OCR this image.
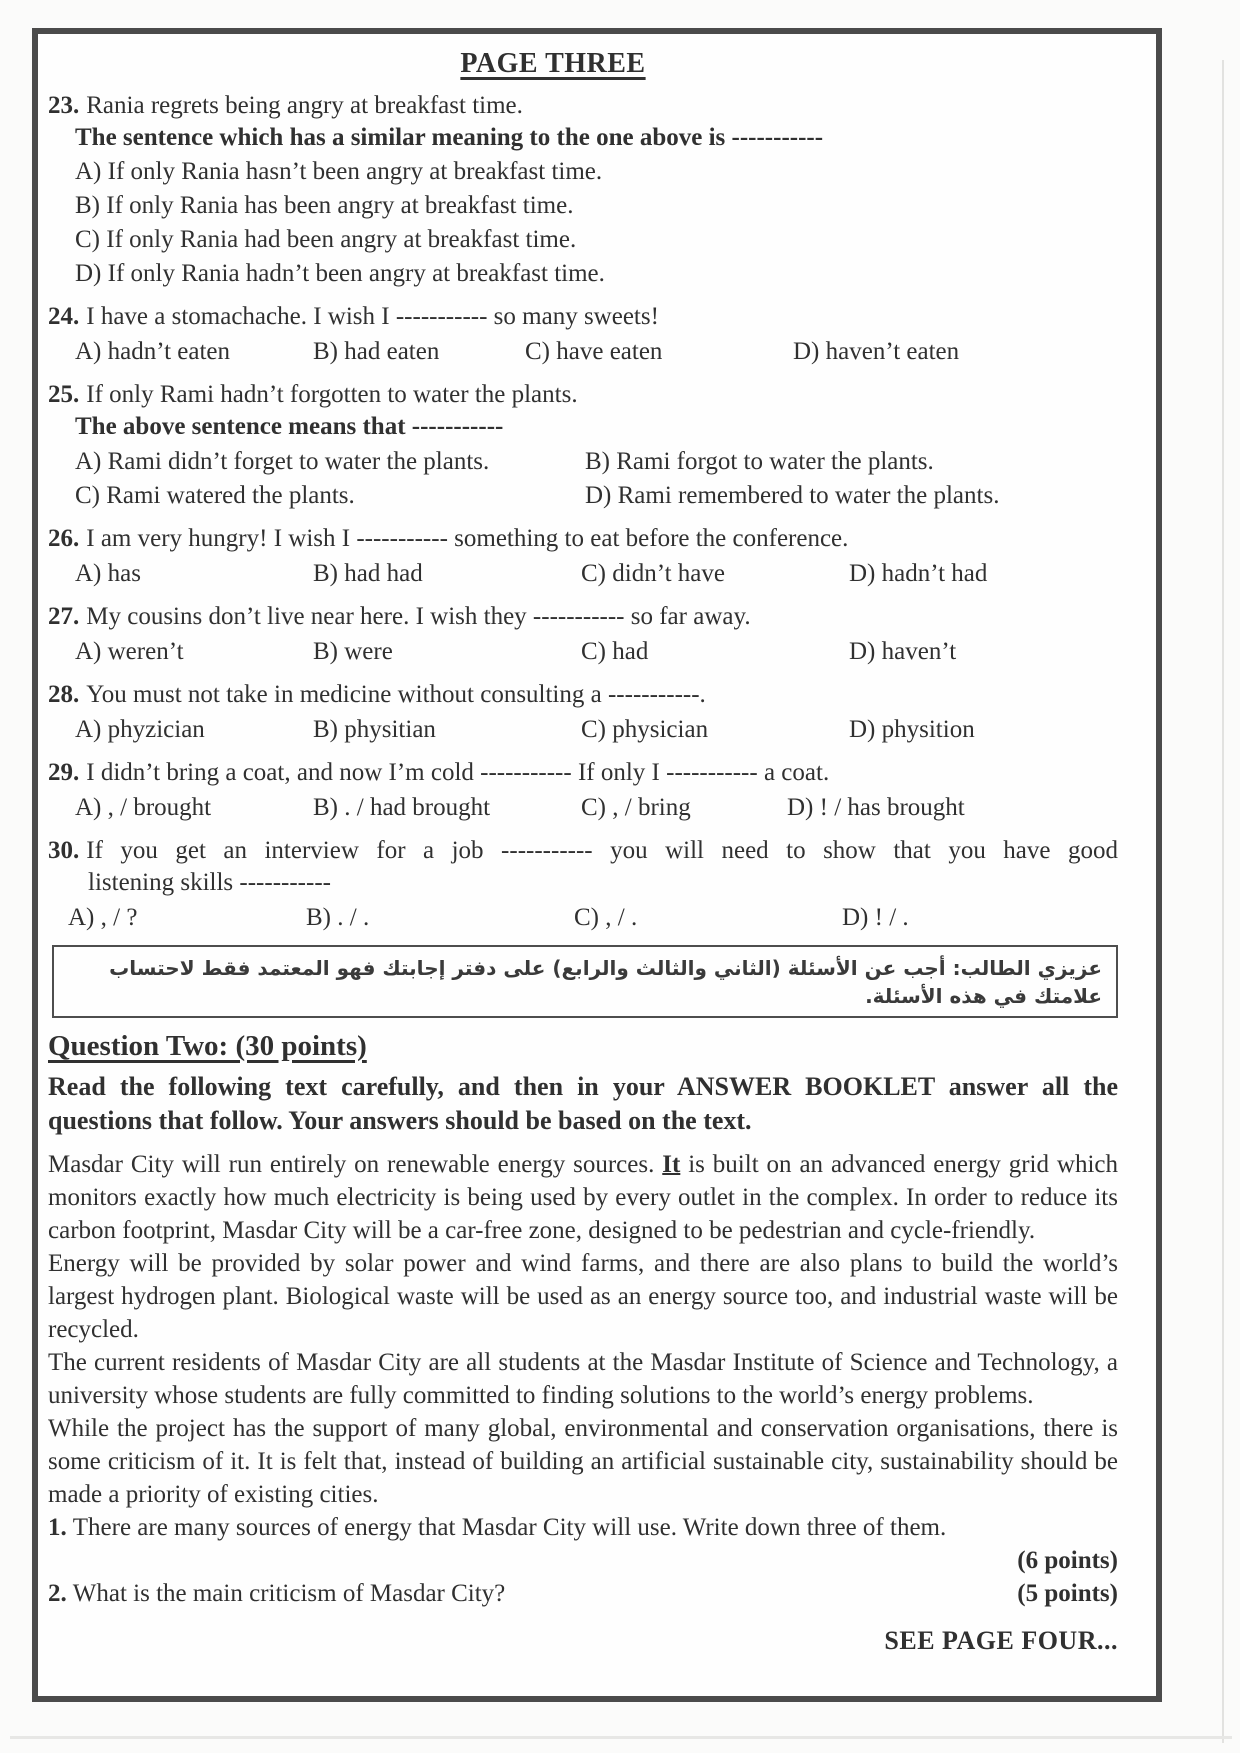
PAGE THREE
23. Rania regrets being angry at breakfast time.
The sentence which has a similar meaning to the one above is -----------
A) If only Rania hasn’t been angry at breakfast time.
B) If only Rania has been angry at breakfast time.
C) If only Rania had been angry at breakfast time.
D) If only Rania hadn’t been angry at breakfast time.
24. I have a stomachache. I wish I ----------- so many sweets!
A) hadn’t eaten	B) had eaten	C) have eaten	D) haven’t eaten
25. If only Rami hadn’t forgotten to water the plants.
The above sentence means that -----------
A) Rami didn’t forget to water the plants.	B) Rami forgot to water the plants.
C) Rami watered the plants.	D) Rami remembered to water the plants.
26. I am very hungry! I wish I ----------- something to eat before the conference.
A) has	B) had had	C) didn’t have	D) hadn’t had
27. My cousins don’t live near here. I wish they ----------- so far away.
A) weren’t	B) were	C) had	D) haven’t
28. You must not take in medicine without consulting a -----------.
A) phyzician	B) physitian	C) physician	D) physition
29. I didn’t bring a coat, and now I’m cold ----------- If only I ----------- a coat.
A) , / brought	B) . / had brought	C) , / bring	D) ! / has brought
30. If you get an interview for a job ----------- you will need to show that you have good
listening skills -----------
A) , / ?	B) . / .	C) , / .	D) ! / .
عزيزي الطالب: أجب عن الأسئلة (الثاني والثالث والرابع) على دفتر إجابتك فهو المعتمد فقط لاحتساب علامتك في هذه الأسئلة.
Question Two: (30 points)
Read the following text carefully, and then in your ANSWER BOOKLET answer all the questions that follow. Your answers should be based on the text.

Masdar City will run entirely on renewable energy sources. It is built on an advanced energy grid which monitors exactly how much electricity is being used by every outlet in the complex. In order to reduce its carbon footprint, Masdar City will be a car-free zone, designed to be pedestrian and cycle-friendly.

Energy will be provided by solar power and wind farms, and there are also plans to build the world’s largest hydrogen plant. Biological waste will be used as an energy source too, and industrial waste will be recycled.

The current residents of Masdar City are all students at the Masdar Institute of Science and Technology, a university whose students are fully committed to finding solutions to the world’s energy problems.

While the project has the support of many global, environmental and conservation organisations, there is some criticism of it. It is felt that, instead of building an artificial sustainable city, sustainability should be made a priority of existing cities.

1. There are many sources of energy that Masdar City will use. Write down three of them.
(6 points)
2. What is the main criticism of Masdar City?	(5 points)
SEE PAGE FOUR...
